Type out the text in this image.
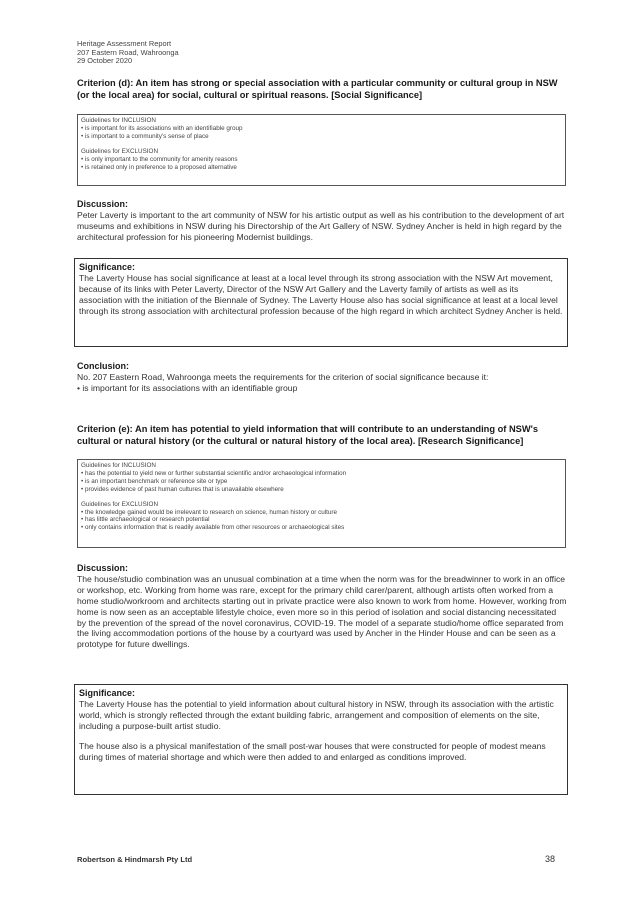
Heritage Assessment Report
207 Eastern Road, Wahroonga
29 October 2020
Criterion (d): An item has strong or special association with a particular community or cultural group in NSW (or the local area) for social, cultural or spiritual reasons. [Social Significance]

Guidelines for INCLUSION

• is important for its associations with an identifiable group

• is important to a community's sense of place

Guidelines for EXCLUSION

• is only important to the community for amenity reasons

• is retained only in preference to a proposed alternative

Discussion:

Peter Laverty is important to the art community of NSW for his artistic output as well as his contribution to the development of art museums and exhibitions in NSW during his Directorship of the Art Gallery of NSW. Sydney Ancher is held in high regard by the architectural profession for his pioneering Modernist buildings.

Significance:

The Laverty House has social significance at least at a local level through its strong association with the NSW Art movement, because of its links with Peter Laverty, Director of the NSW Art Gallery and the Laverty family of artists as well as its association with the initiation of the Biennale of Sydney. The Laverty House also has social significance at least at a local level through its strong association with architectural profession because of the high regard in which architect Sydney Ancher is held.

Conclusion:

No. 207 Eastern Road, Wahroonga meets the requirements for the criterion of social significance because it:

• is important for its associations with an identifiable group

Criterion (e): An item has potential to yield information that will contribute to an understanding of NSW's cultural or natural history (or the cultural or natural history of the local area). [Research Significance]

Guidelines for INCLUSION

• has the potential to yield new or further substantial scientific and/or archaeological information

• is an important benchmark or reference site or type

• provides evidence of past human cultures that is unavailable elsewhere

Guidelines for EXCLUSION

• the knowledge gained would be irrelevant to research on science, human history or culture

• has little archaeological or research potential

• only contains information that is readily available from other resources or archaeological sites

Discussion:

The house/studio combination was an unusual combination at a time when the norm was for the breadwinner to work in an office or workshop, etc. Working from home was rare, except for the primary child carer/parent, although artists often worked from a home studio/workroom and architects starting out in private practice were also known to work from home. However, working from home is now seen as an acceptable lifestyle choice, even more so in this period of isolation and social distancing necessitated by the prevention of the spread of the novel coronavirus, COVID-19. The model of a separate studio/home office separated from the living accommodation portions of the house by a courtyard was used by Ancher in the Hinder House and can be seen as a prototype for future dwellings.

Significance:

The Laverty House has the potential to yield information about cultural history in NSW, through its association with the artistic world, which is strongly reflected through the extant building fabric, arrangement and composition of elements on the site, including a purpose-built artist studio.

The house also is a physical manifestation of the small post-war houses that were constructed for people of modest means during times of material shortage and which were then added to and enlarged as conditions improved.

Robertson & Hindmarsh Pty Ltd	38
